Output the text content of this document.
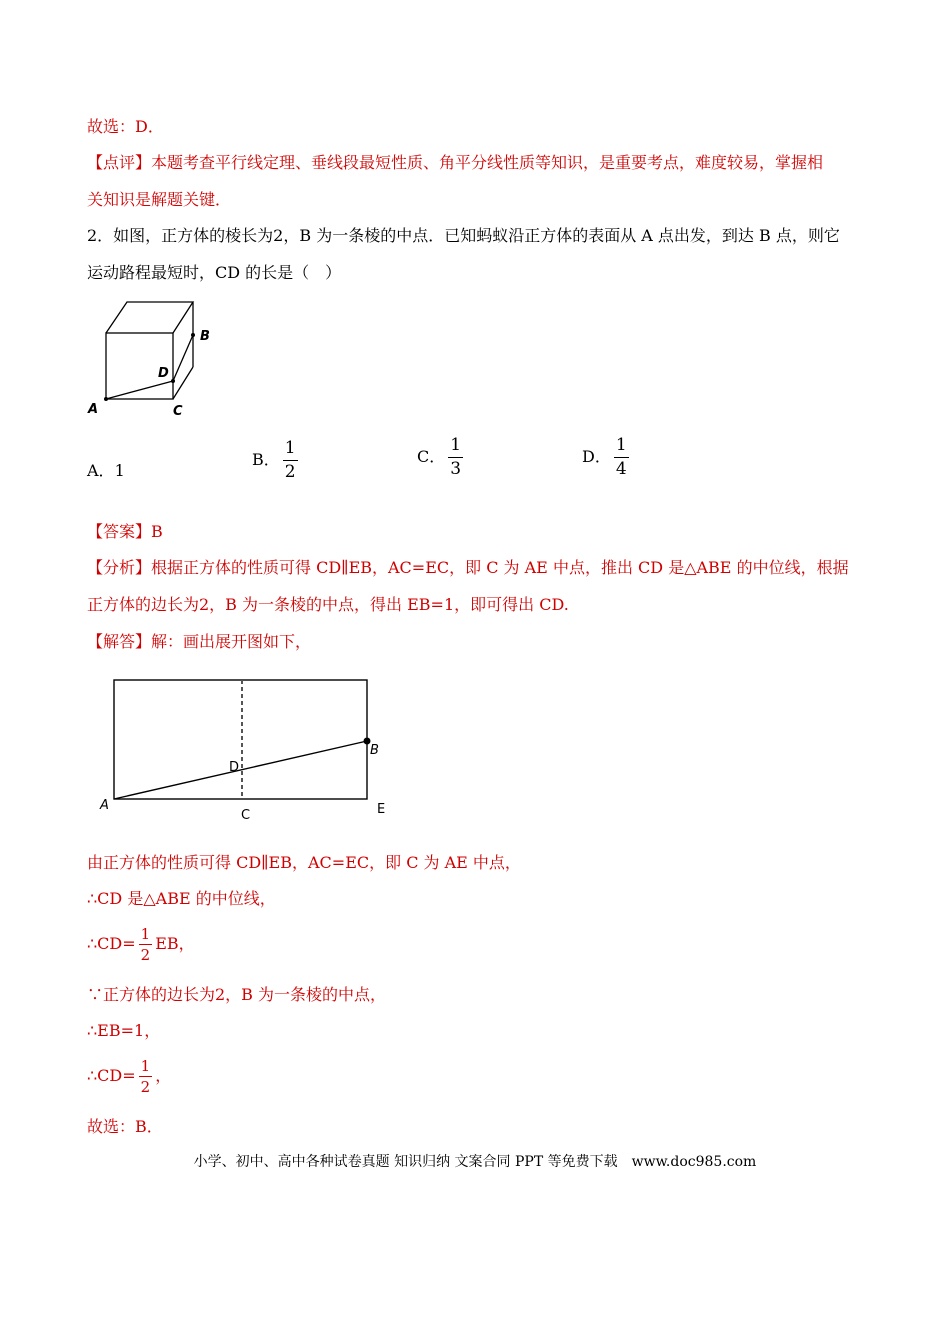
故选：D．
【点评】本题考查平行线定理、垂线段最短性质、角平分线性质等知识，是重要考点，难度较易，掌握相
关知识是解题关键．
2．如图，正方体的棱长为2，B 为一条棱的中点．已知蚂蚁沿正方体的表面从 A 点出发，到达 B 点，则它
运动路程最短时，CD 的长是（　）
B
D
A	C
A．1
B． $\frac{1}{2}$	C． $\frac{1}{3}$	D． $\frac{1}{4}$
【答案】B
【分析】根据正方体的性质可得 CD∥EB，AC=EC，即 C 为 AE 中点，推出 CD 是△ABE 的中位线，根据
正方体的边长为2，B 为一条棱的中点，得出 EB=1，即可得出 CD.
【解答】解：画出展开图如下，
A
B
D
C	E
由正方体的性质可得 CD∥EB，AC=EC，即 C 为 AE 中点，
∴CD 是△ABE 的中位线，
∴CD= $\frac{1}{2}$ EB，
∵正方体的边长为2，B 为一条棱的中点，
∴EB=1，
∴CD= $\frac{1}{2}$ ，
故选：B．
小学、初中、高中各种试卷真题 知识归纳 文案合同 PPT 等免费下载　www.doc985.com
